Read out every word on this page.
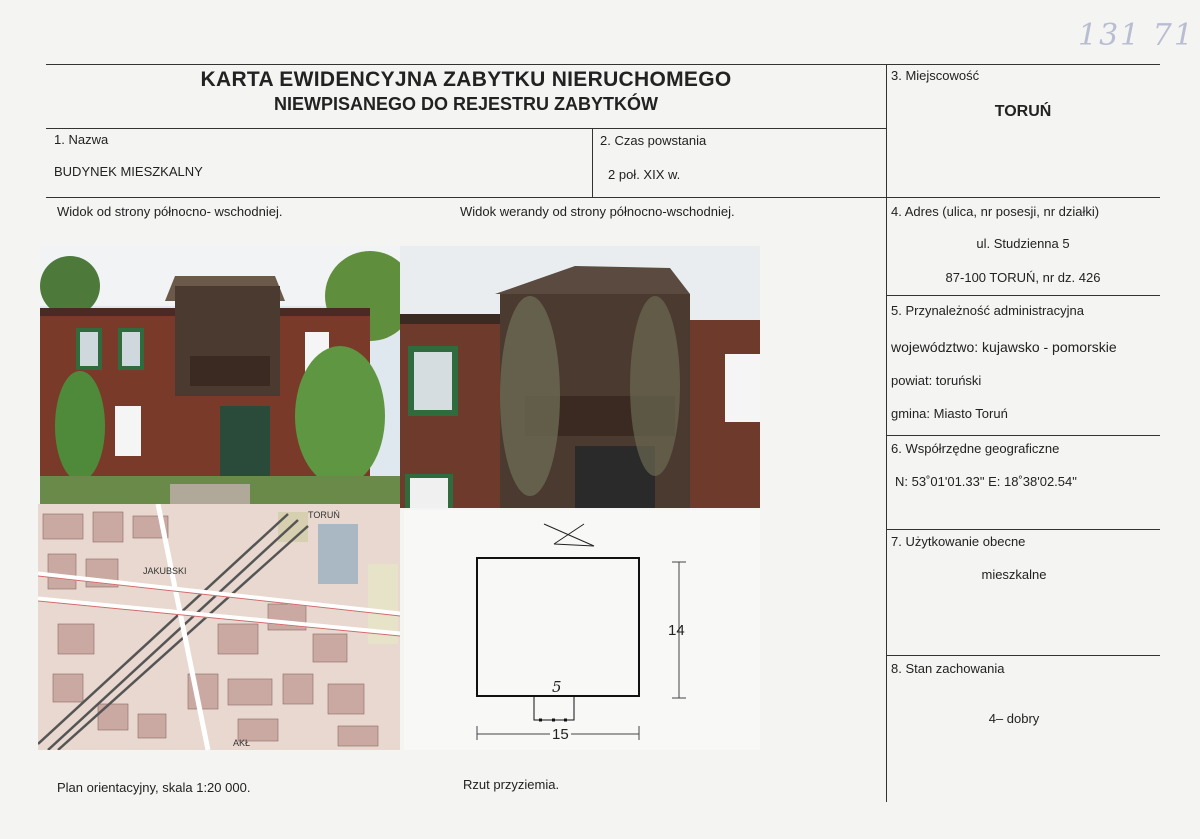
131 71
KARTA EWIDENCYJNA ZABYTKU NIERUCHOMEGO
NIEWPISANEGO DO REJESTRU ZABYTKÓW
1. Nazwa
BUDYNEK MIESZKALNY
2. Czas powstania
2 poł. XIX w.
3. Miejscowość
TORUŃ
4. Adres (ulica, nr posesji, nr działki)
ul. Studzienna 5
87-100 TORUŃ, nr dz. 426
5. Przynależność administracyjna
województwo: kujawsko - pomorskie
powiat: toruński
gmina: Miasto Toruń
6. Współrzędne geograficzne
N: 53˚01'01.33" E: 18˚38'02.54"
7. Użytkowanie obecne
mieszkalne
8. Stan zachowania
4– dobry
Widok od strony północno- wschodniej.	Widok werandy od strony północno-wschodniej.
TORUŃ
JAKUBSKI
AKŁ
14
15
5
Plan orientacyjny, skala 1:20 000.	Rzut przyziemia.
